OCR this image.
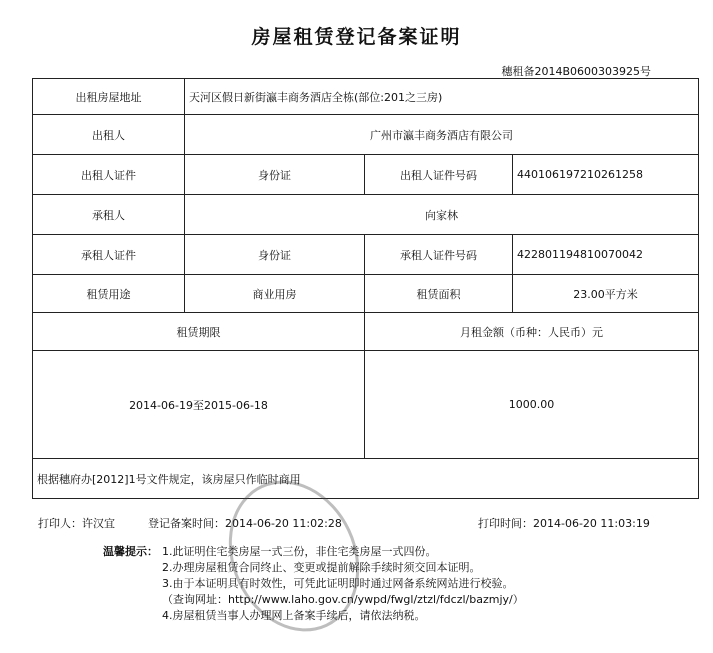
房屋租赁登记备案证明
穗租备2014B0600303925号
出租房屋地址	天河区假日新街瀛丰商务酒店全栋(部位:201之三房)		
出租人	广州市瀛丰商务酒店有限公司		
出租人证件	身份证	出租人证件号码	440106197210261258
承租人	向家林		
承租人证件	身份证	承租人证件号码	422801194810070042
租赁用途	商业用房	租赁面积	23.00平方米
租赁期限		月租金额（币种：人民币）元	
2014-06-19至2015-06-18		1000.00	
根据穗府办[2012]1号文件规定，该房屋只作临时商用			
打印人：许汉宜	登记备案时间：2014-06-20 11:02:28	打印时间：2014-06-20 11:03:19
温馨提示： 1.此证明住宅类房屋一式三份，非住宅类房屋一式四份。
2.办理房屋租赁合同终止、变更或提前解除手续时须交回本证明。
3.由于本证明具有时效性，可凭此证明即时通过网备系统网站进行校验。
（查询网址：http://www.laho.gov.cn/ywpd/fwgl/ztzl/fdczl/bazmjy/）
4.房屋租赁当事人办理网上备案手续后，请依法纳税。
